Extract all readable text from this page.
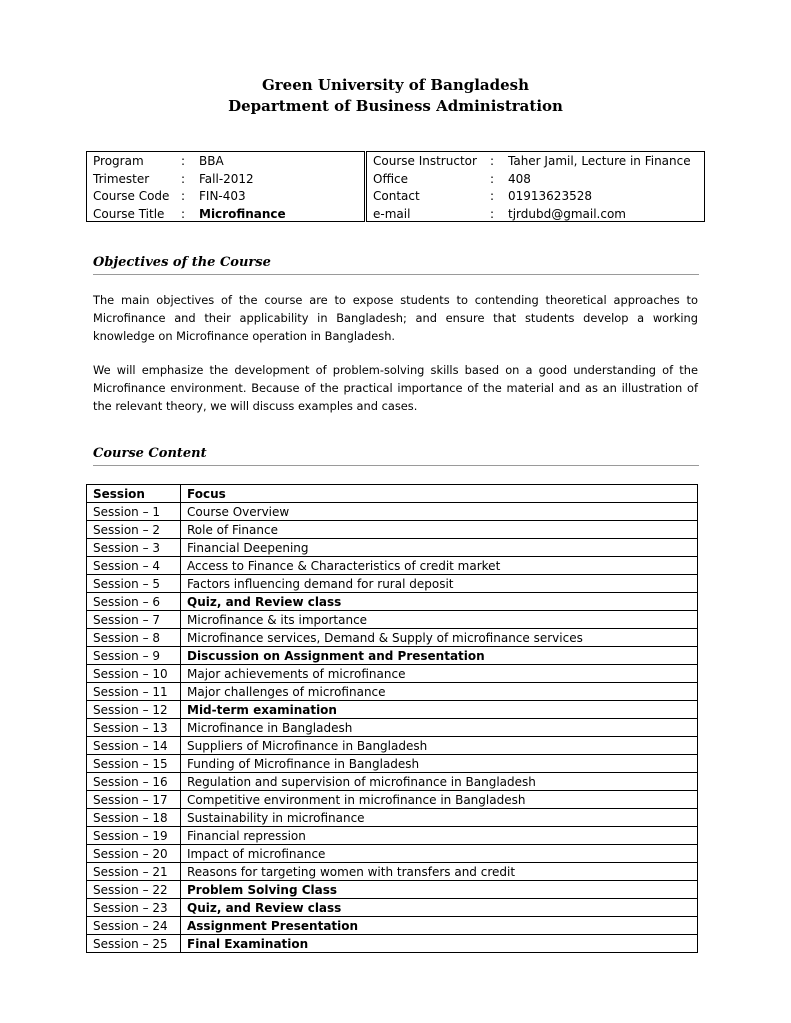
Green University of Bangladesh
Department of Business Administration
Program	:	BBA
Trimester	:	Fall-2012
Course Code :	FIN-403
Course Title	:	Microfinance
Course Instructor	:	Taher Jamil, Lecture in Finance
Office	:	408
Contact	:	01913623528
e-mail	:	tjrdubd@gmail.com
Objectives of the Course

The main objectives of the course are to expose students to contending theoretical approaches to Microfinance and their applicability in Bangladesh; and ensure that students develop a working knowledge on Microfinance operation in Bangladesh.

We will emphasize the development of problem-solving skills based on a good understanding of the Microfinance environment. Because of the practical importance of the material and as an illustration of the relevant theory, we will discuss examples and cases.

Course Content
Session	Focus
Session – 1	Course Overview
Session – 2	Role of Finance
Session – 3	Financial Deepening
Session – 4	Access to Finance & Characteristics of credit market
Session – 5	Factors influencing demand for rural deposit
Session – 6	Quiz, and Review class
Session – 7	Microfinance & its importance
Session – 8	Microfinance services, Demand & Supply of microfinance services
Session – 9	Discussion on Assignment and Presentation
Session – 10	Major achievements of microfinance
Session – 11	Major challenges of microfinance
Session – 12	Mid-term examination
Session – 13	Microfinance in Bangladesh
Session – 14	Suppliers of Microfinance in Bangladesh
Session – 15	Funding of Microfinance in Bangladesh
Session – 16	Regulation and supervision of microfinance in Bangladesh
Session – 17	Competitive environment in microfinance in Bangladesh
Session – 18	Sustainability in microfinance
Session – 19	Financial repression
Session – 20	Impact of microfinance
Session – 21	Reasons for targeting women with transfers and credit
Session – 22	Problem Solving Class
Session – 23	Quiz, and Review class
Session – 24	Assignment Presentation
Session – 25	Final Examination
